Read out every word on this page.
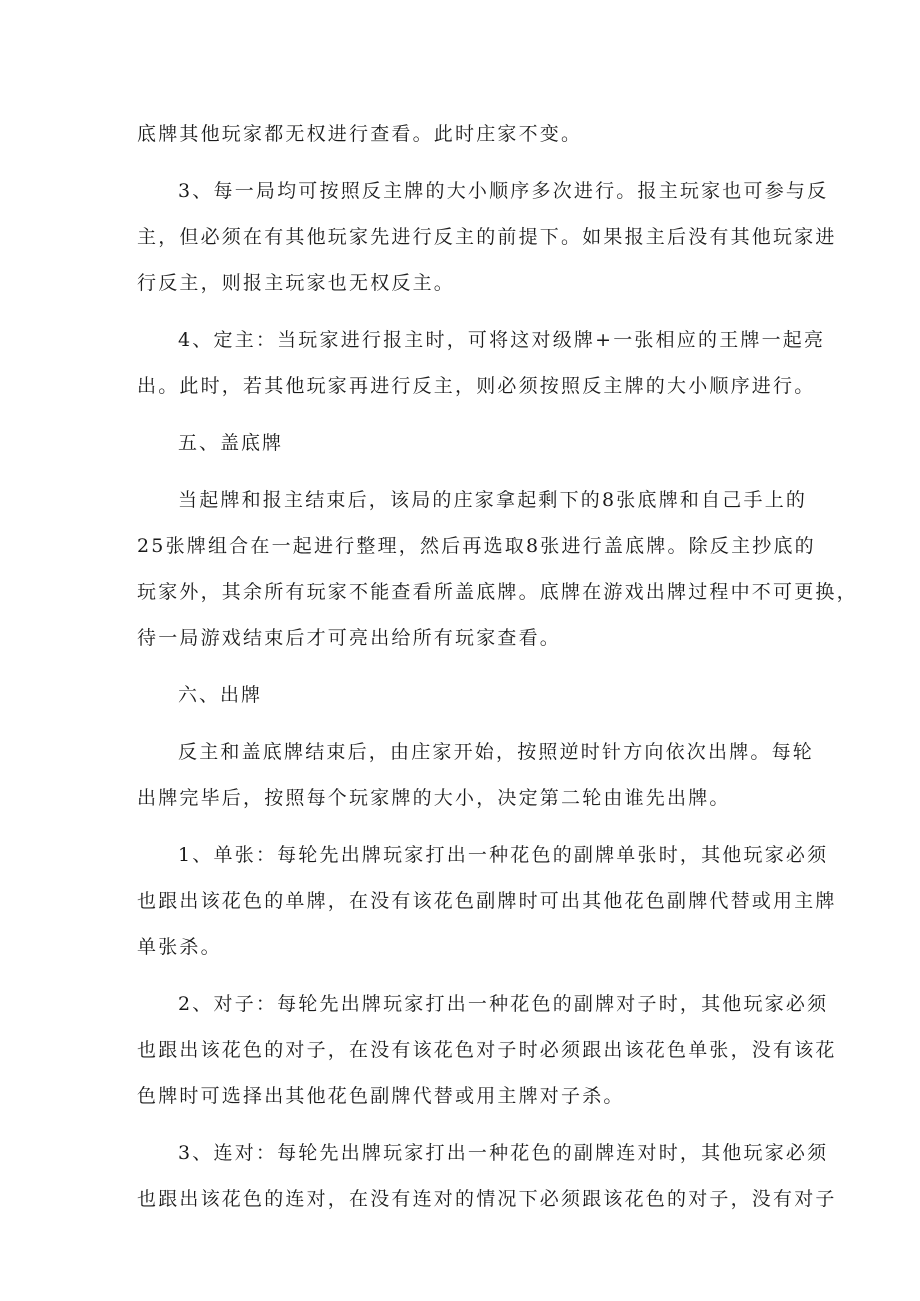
底牌其他玩家都无权进行查看。此时庄家不变。
3、每一局均可按照反主牌的大小顺序多次进行。报主玩家也可参与反
主，但必须在有其他玩家先进行反主的前提下。如果报主后没有其他玩家进
行反主，则报主玩家也无权反主。
4、定主：当玩家进行报主时，可将这对级牌+一张相应的王牌一起亮
出。此时，若其他玩家再进行反主，则必须按照反主牌的大小顺序进行。
五、盖底牌
当起牌和报主结束后，该局的庄家拿起剩下的8张底牌和自己手上的
25张牌组合在一起进行整理，然后再选取8张进行盖底牌。除反主抄底的
玩家外，其余所有玩家不能查看所盖底牌。底牌在游戏出牌过程中不可更换，
待一局游戏结束后才可亮出给所有玩家查看。
六、出牌
反主和盖底牌结束后，由庄家开始，按照逆时针方向依次出牌。每轮
出牌完毕后，按照每个玩家牌的大小，决定第二轮由谁先出牌。
1、单张：每轮先出牌玩家打出一种花色的副牌单张时，其他玩家必须
也跟出该花色的单牌，在没有该花色副牌时可出其他花色副牌代替或用主牌
单张杀。
2、对子：每轮先出牌玩家打出一种花色的副牌对子时，其他玩家必须
也跟出该花色的对子，在没有该花色对子时必须跟出该花色单张，没有该花
色牌时可选择出其他花色副牌代替或用主牌对子杀。
3、连对：每轮先出牌玩家打出一种花色的副牌连对时，其他玩家必须
也跟出该花色的连对，在没有连对的情况下必须跟该花色的对子，没有对子
